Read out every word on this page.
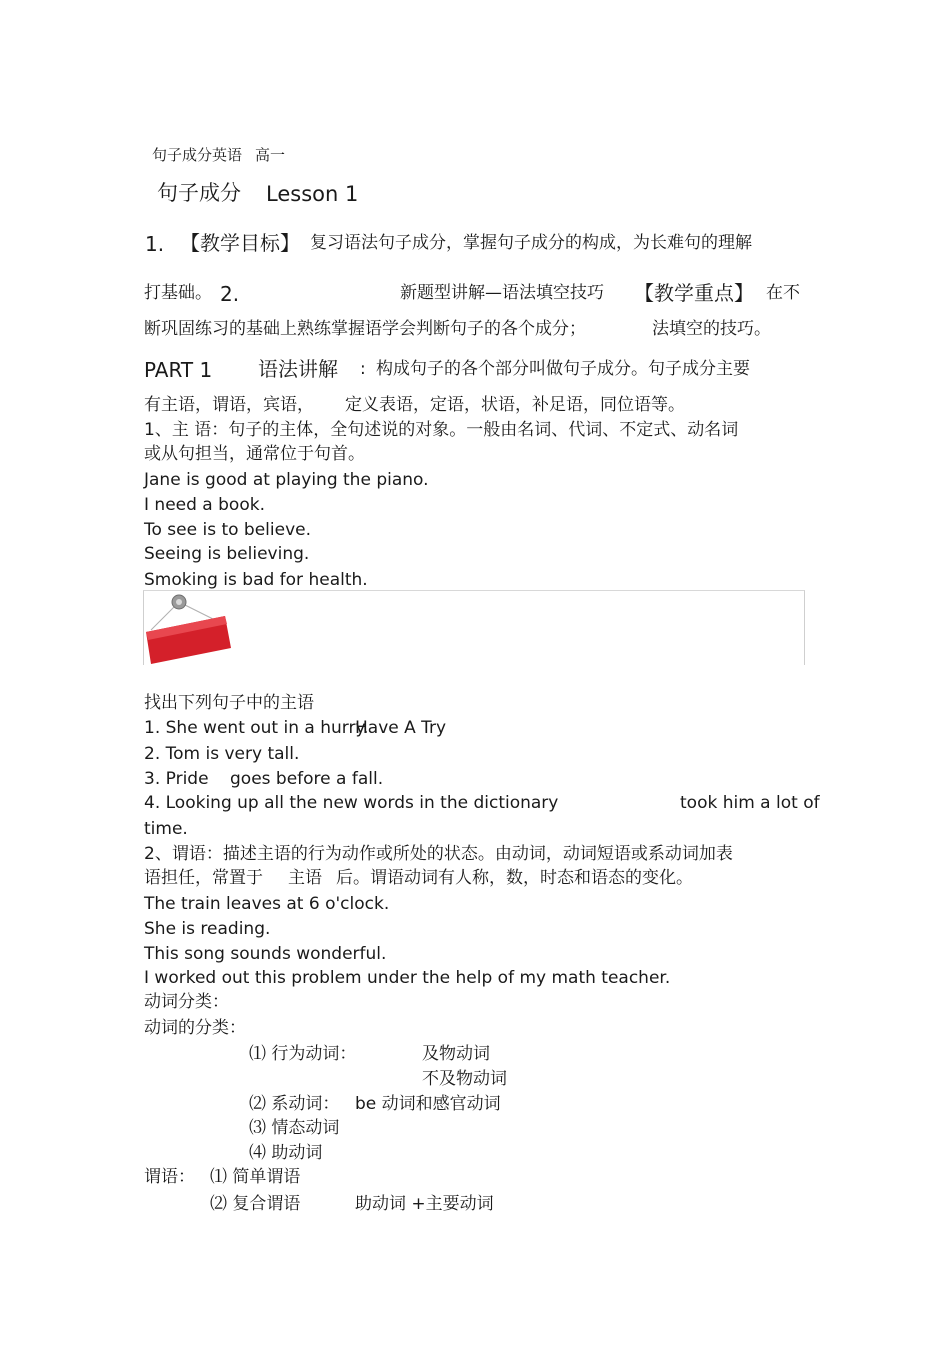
句子成分英语 高一
句子成分 Lesson 1
1. 【教学目标】 复习语法句子成分，掌握句子成分的构成，为长难句的理解
打基础。 2.	新题型讲解—语法填空技巧 【教学重点】 在不
断巩固练习的基础上熟练掌握语学会判断句子的各个成分；	法填空的技巧。
PART 1 语法讲解 : 构成句子的各个部分叫做句子成分。句子成分主要
有主语，谓语，宾语， 定义表语，定语，状语，补足语，同位语等。
1、主 语：句子的主体，全句述说的对象。一般由名词、代词、不定式、动名词
或从句担当，通常位于句首。
Jane is good at playing the piano.
I need a book.
To see is to believe.
Seeing is believing.
Smoking is bad for health.
找出下列句子中的主语
1. She went out in a hurry.
Have A Try
2. Tom is very tall.
3. Pride goes before a fall.
4. Looking up all the new words in the dictionary	took him a lot of
time.
2、谓语：描述主语的行为动作或所处的状态。由动词，动词短语或系动词加表
语担任，常置于 主语 后。谓语动词有人称，数，时态和语态的变化。
The train leaves at 6 o'clock.
She is reading.
This song sounds wonderful.
I worked out this problem under the help of my math teacher.
动词分类：
动词的分类：
⑴ 行为动词：	及物动词
不及物动词
⑵ 系动词： be 动词和感官动词
⑶ 情态动词
⑷ 助动词
谓语： ⑴ 简单谓语
⑵ 复合谓语	助动词 +主要动词
